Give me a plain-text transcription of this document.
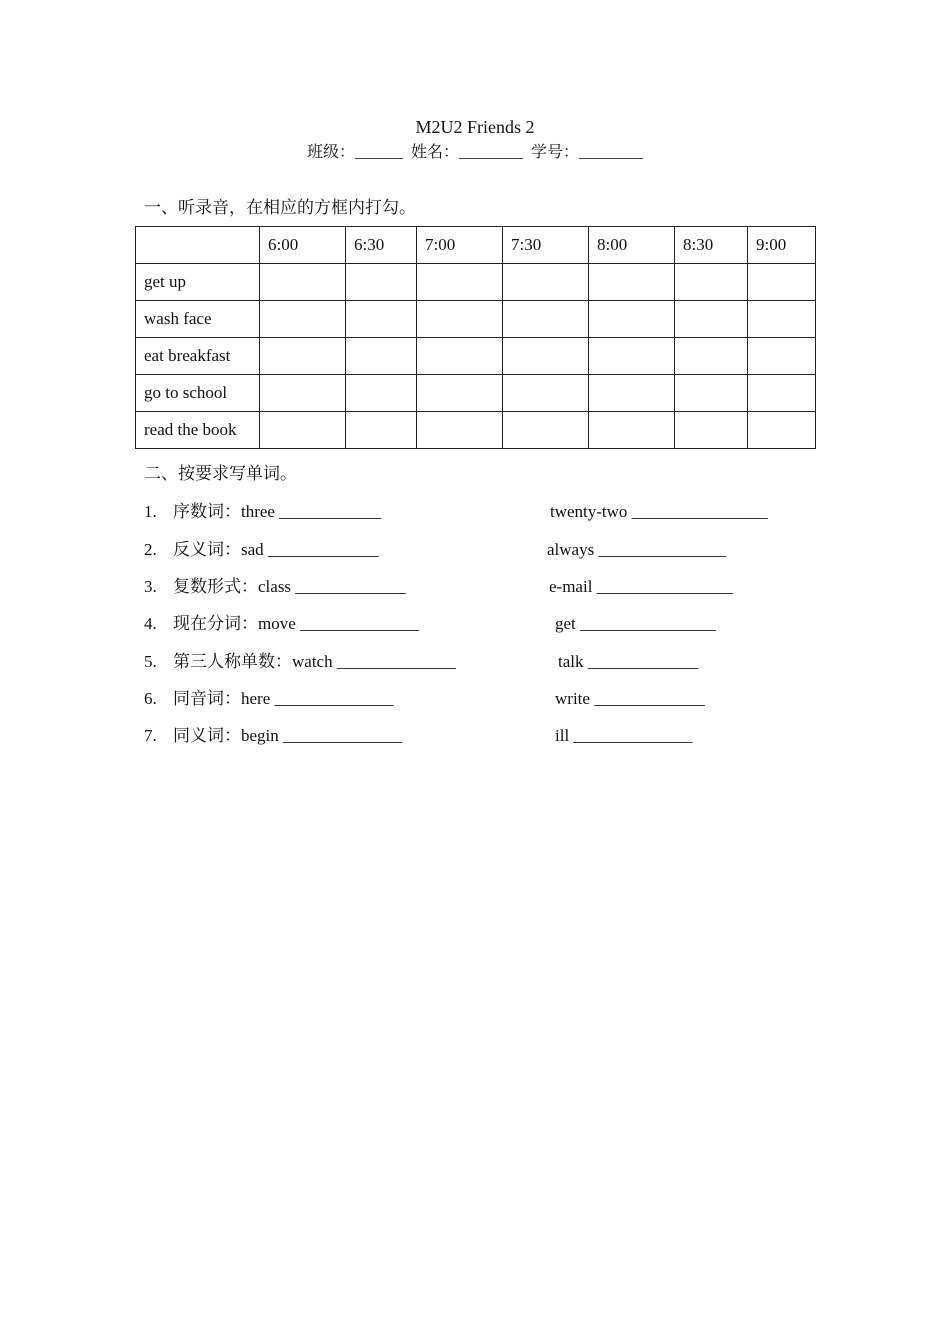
M2U2 Friends 2
班级：______ 姓名：________ 学号：________
一、听录音，在相应的方框内打勾。
	6:00	6:30	7:00	7:30	8:00	8:30	9:00
get up							
wash face							
eat breakfast							
go to school							
read the book							
二、按要求写单词。
1. 序数词：three ____________	twenty-two ________________
2. 反义词：sad _____________	always _______________
3. 复数形式：class _____________	e-mail ________________
4. 现在分词：move ______________	get ________________
5. 第三人称单数：watch ______________	talk _____________
6. 同音词：here ______________	write _____________
7. 同义词：begin ______________	ill ______________
